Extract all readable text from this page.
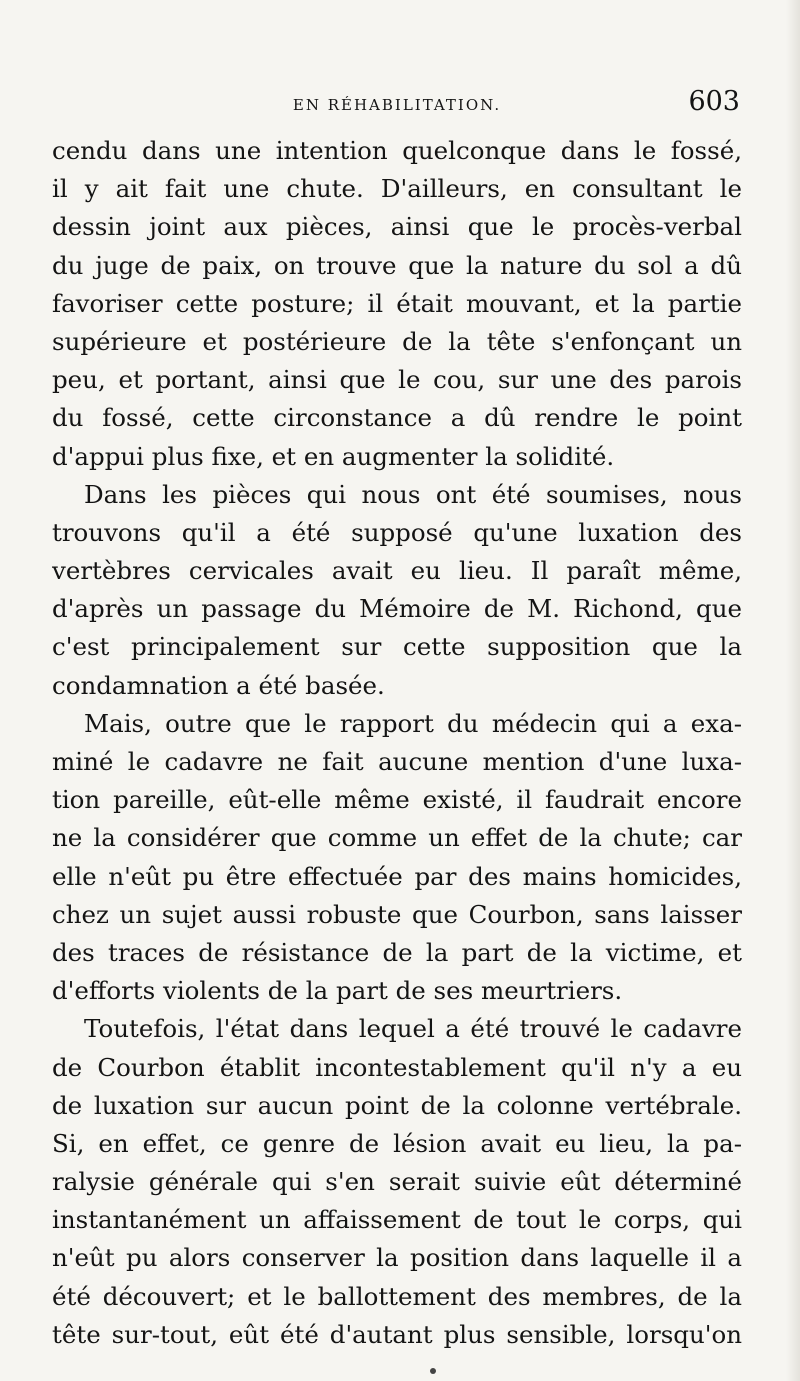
EN RÉHABILITATION.	603
cendu dans une intention quelconque dans le fossé,
il y ait fait une chute. D'ailleurs, en consultant le
dessin joint aux pièces, ainsi que le procès-verbal
du juge de paix, on trouve que la nature du sol a dû
favoriser cette posture; il était mouvant, et la partie
supérieure et postérieure de la tête s'enfonçant un
peu, et portant, ainsi que le cou, sur une des parois
du fossé, cette circonstance a dû rendre le point
d'appui plus fixe, et en augmenter la solidité.
Dans les pièces qui nous ont été soumises, nous
trouvons qu'il a été supposé qu'une luxation des
vertèbres cervicales avait eu lieu. Il paraît même,
d'après un passage du Mémoire de M. Richond, que
c'est principalement sur cette supposition que la
condamnation a été basée.
Mais, outre que le rapport du médecin qui a exa-
miné le cadavre ne fait aucune mention d'une luxa-
tion pareille, eût-elle même existé, il faudrait encore
ne la considérer que comme un effet de la chute; car
elle n'eût pu être effectuée par des mains homicides,
chez un sujet aussi robuste que Courbon, sans laisser
des traces de résistance de la part de la victime, et
d'efforts violents de la part de ses meurtriers.
Toutefois, l'état dans lequel a été trouvé le cadavre
de Courbon établit incontestablement qu'il n'y a eu
de luxation sur aucun point de la colonne vertébrale.
Si, en effet, ce genre de lésion avait eu lieu, la pa-
ralysie générale qui s'en serait suivie eût déterminé
instantanément un affaissement de tout le corps, qui
n'eût pu alors conserver la position dans laquelle il a
été découvert; et le ballottement des membres, de la
tête sur-tout, eût été d'autant plus sensible, lorsqu'on
